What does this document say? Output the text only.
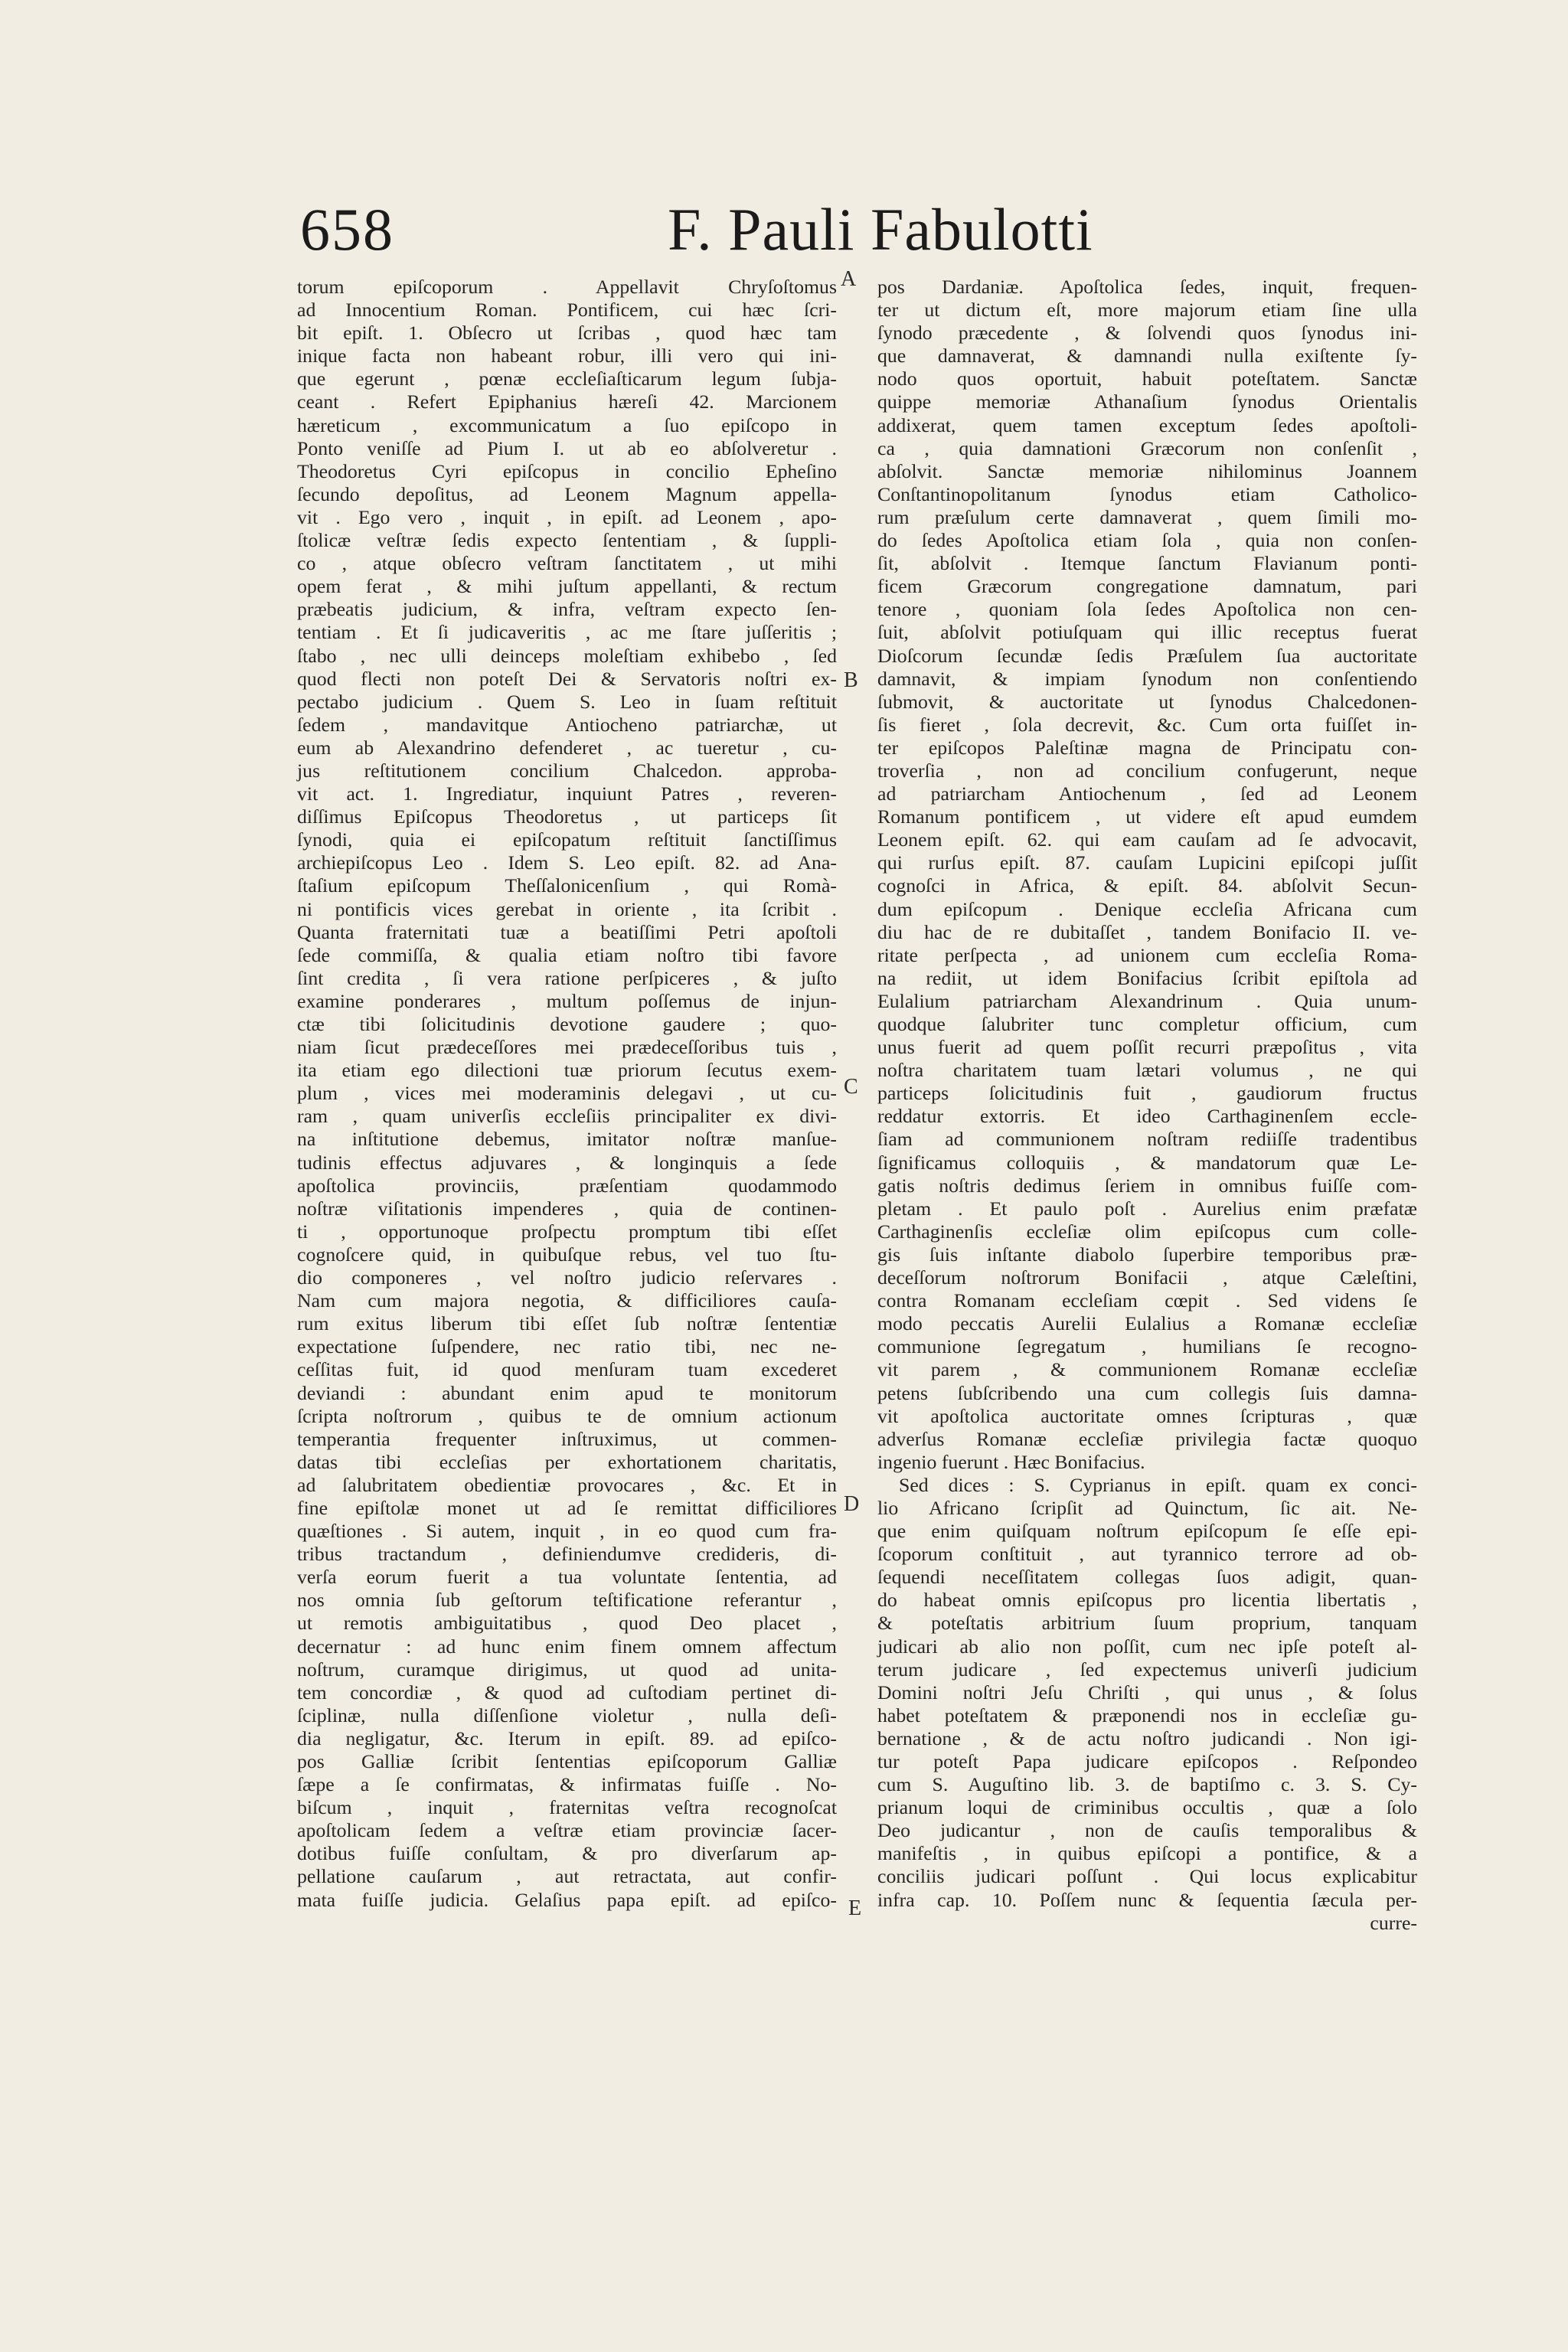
658	F. Pauli Fabulotti
torum epiſcoporum . Appellavit Chryſoſtomus
ad Innocentium Roman. Pontificem, cui hæc ſcri-
bit epiſt. 1. Obſecro ut ſcribas , quod hæc tam
inique facta non habeant robur, illi vero qui ini-
que egerunt , pœnæ eccleſiaſticarum legum ſubja-
ceant . Refert Epiphanius hæreſi 42. Marcionem
hæreticum , excommunicatum a ſuo epiſcopo in
Ponto veniſſe ad Pium I. ut ab eo abſolveretur .
Theodoretus Cyri epiſcopus in concilio Epheſino
ſecundo depoſitus, ad Leonem Magnum appella-
vit . Ego vero , inquit , in epiſt. ad Leonem , apo-
ſtolicæ veſtræ ſedis expecto ſententiam , & ſuppli-
co , atque obſecro veſtram ſanctitatem , ut mihi
opem ferat , & mihi juſtum appellanti, & rectum
præbeatis judicium, & infra, veſtram expecto ſen-
tentiam . Et ſi judicaveritis , ac me ſtare juſſeritis ;
ſtabo , nec ulli deinceps moleſtiam exhibebo , ſed
quod flecti non poteſt Dei & Servatoris noſtri ex-
pectabo judicium . Quem S. Leo in ſuam reſtituit
ſedem , mandavitque Antiocheno patriarchæ, ut
eum ab Alexandrino defenderet , ac tueretur , cu-
jus reſtitutionem concilium Chalcedon. approba-
vit act. 1. Ingrediatur, inquiunt Patres , reveren-
diſſimus Epiſcopus Theodoretus , ut particeps ſit
ſynodi, quia ei epiſcopatum reſtituit ſanctiſſimus
archiepiſcopus Leo . Idem S. Leo epiſt. 82. ad Ana-
ſtaſium epiſcopum Theſſalonicenſium , qui Romà-
ni pontificis vices gerebat in oriente , ita ſcribit .
Quanta fraternitati tuæ a beatiſſimi Petri apoſtoli
ſede commiſſa, & qualia etiam noſtro tibi favore
ſint credita , ſi vera ratione perſpiceres , & juſto
examine ponderares , multum poſſemus de injun-
ctæ tibi ſolicitudinis devotione gaudere ; quo-
niam ſicut prædeceſſores mei prædeceſſoribus tuis ,
ita etiam ego dilectioni tuæ priorum ſecutus exem-
plum , vices mei moderaminis delegavi , ut cu-
ram , quam univerſis eccleſiis principaliter ex divi-
na inſtitutione debemus, imitator noſtræ manſue-
tudinis effectus adjuvares , & longinquis a ſede
apoſtolica provinciis, præſentiam quodammodo
noſtræ viſitationis impenderes , quia de continen-
ti , opportunoque proſpectu promptum tibi eſſet
cognoſcere quid, in quibuſque rebus, vel tuo ſtu-
dio componeres , vel noſtro judicio reſervares .
Nam cum majora negotia, & difficiliores cauſa-
rum exitus liberum tibi eſſet ſub noſtræ ſententiæ
expectatione ſuſpendere, nec ratio tibi, nec ne-
ceſſitas fuit, id quod menſuram tuam excederet
deviandi : abundant enim apud te monitorum
ſcripta noſtrorum , quibus te de omnium actionum
temperantia frequenter inſtruximus, ut commen-
datas tibi eccleſias per exhortationem charitatis,
ad ſalubritatem obedientiæ provocares , &c. Et in
fine epiſtolæ monet ut ad ſe remittat difficiliores
quæſtiones . Si autem, inquit , in eo quod cum fra-
tribus tractandum , definiendumve credideris, di-
verſa eorum fuerit a tua voluntate ſententia, ad
nos omnia ſub geſtorum teſtificatione referantur ,
ut remotis ambiguitatibus , quod Deo placet ,
decernatur : ad hunc enim finem omnem affectum
noſtrum, curamque dirigimus, ut quod ad unita-
tem concordiæ , & quod ad cuſtodiam pertinet di-
ſciplinæ, nulla diſſenſione violetur , nulla deſi-
dia negligatur, &c. Iterum in epiſt. 89. ad epiſco-
pos Galliæ ſcribit ſententias epiſcoporum Galliæ
ſæpe a ſe confirmatas, & infirmatas fuiſſe . No-
biſcum , inquit , fraternitas veſtra recognoſcat
apoſtolicam ſedem a veſtræ etiam provinciæ ſacer-
dotibus fuiſſe conſultam, & pro diverſarum ap-
pellatione cauſarum , aut retractata, aut confir-
mata fuiſſe judicia. Gelaſius papa epiſt. ad epiſco-
pos Dardaniæ. Apoſtolica ſedes, inquit, frequen-
ter ut dictum eſt, more majorum etiam ſine ulla
ſynodo præcedente , & ſolvendi quos ſynodus ini-
que damnaverat, & damnandi nulla exiſtente ſy-
nodo quos oportuit, habuit poteſtatem. Sanctæ
quippe memoriæ Athanaſium ſynodus Orientalis
addixerat, quem tamen exceptum ſedes apoſtoli-
ca , quia damnationi Græcorum non conſenſit ,
abſolvit. Sanctæ memoriæ nihilominus Joannem
Conſtantinopolitanum ſynodus etiam Catholico-
rum præſulum certe damnaverat , quem ſimili mo-
do ſedes Apoſtolica etiam ſola , quia non conſen-
ſit, abſolvit . Itemque ſanctum Flavianum ponti-
ficem Græcorum congregatione damnatum, pari
tenore , quoniam ſola ſedes Apoſtolica non cen-
ſuit, abſolvit potiuſquam qui illic receptus fuerat
Dioſcorum ſecundæ ſedis Præſulem ſua auctoritate
damnavit, & impiam ſynodum non conſentiendo
ſubmovit, & auctoritate ut ſynodus Chalcedonen-
ſis fieret , ſola decrevit, &c. Cum orta fuiſſet in-
ter epiſcopos Paleſtinæ magna de Principatu con-
troverſia , non ad concilium confugerunt, neque
ad patriarcham Antiochenum , ſed ad Leonem
Romanum pontificem , ut videre eſt apud eumdem
Leonem epiſt. 62. qui eam cauſam ad ſe advocavit,
qui rurſus epiſt. 87. cauſam Lupicini epiſcopi juſſit
cognoſci in Africa, & epiſt. 84. abſolvit Secun-
dum epiſcopum . Denique eccleſia Africana cum
diu hac de re dubitaſſet , tandem Bonifacio II. ve-
ritate perſpecta , ad unionem cum eccleſia Roma-
na rediit, ut idem Bonifacius ſcribit epiſtola ad
Eulalium patriarcham Alexandrinum . Quia unum-
quodque ſalubriter tunc completur officium, cum
unus fuerit ad quem poſſit recurri præpoſitus , vita
noſtra charitatem tuam lætari volumus , ne qui
particeps ſolicitudinis fuit , gaudiorum fructus
reddatur extorris. Et ideo Carthaginenſem eccle-
ſiam ad communionem noſtram rediiſſe tradentibus
ſignificamus colloquiis , & mandatorum quæ Le-
gatis noſtris dedimus ſeriem in omnibus fuiſſe com-
pletam . Et paulo poſt . Aurelius enim præfatæ
Carthaginenſis eccleſiæ olim epiſcopus cum colle-
gis ſuis inſtante diabolo ſuperbire temporibus præ-
deceſſorum noſtrorum Bonifacii , atque Cæleſtini,
contra Romanam eccleſiam cœpit . Sed videns ſe
modo peccatis Aurelii Eulalius a Romanæ eccleſiæ
communione ſegregatum , humilians ſe recogno-
vit parem , & communionem Romanæ eccleſiæ
petens ſubſcribendo una cum collegis ſuis damna-
vit apoſtolica auctoritate omnes ſcripturas , quæ
adverſus Romanæ eccleſiæ privilegia factæ quoquo
ingenio fuerunt . Hæc Bonifacius.
Sed dices : S. Cyprianus in epiſt. quam ex conci-
lio Africano ſcripſit ad Quinctum, ſic ait. Ne-
que enim quiſquam noſtrum epiſcopum ſe eſſe epi-
ſcoporum conſtituit , aut tyrannico terrore ad ob-
ſequendi neceſſitatem collegas ſuos adigit, quan-
do habeat omnis epiſcopus pro licentia libertatis ,
& poteſtatis arbitrium ſuum proprium, tanquam
judicari ab alio non poſſit, cum nec ipſe poteſt al-
terum judicare , ſed expectemus univerſi judicium
Domini noſtri Jeſu Chriſti , qui unus , & ſolus
habet poteſtatem & præponendi nos in eccleſiæ gu-
bernatione , & de actu noſtro judicandi . Non igi-
tur poteſt Papa judicare epiſcopos . Reſpondeo
cum S. Auguſtino lib. 3. de baptiſmo c. 3. S. Cy-
prianum loqui de criminibus occultis , quæ a ſolo
Deo judicantur , non de cauſis temporalibus &
manifeſtis , in quibus epiſcopi a pontifice, & a
conciliis judicari poſſunt . Qui locus explicabitur
infra cap. 10. Poſſem nunc & ſequentia ſæcula per-
curre-
A
B
C
D
E
